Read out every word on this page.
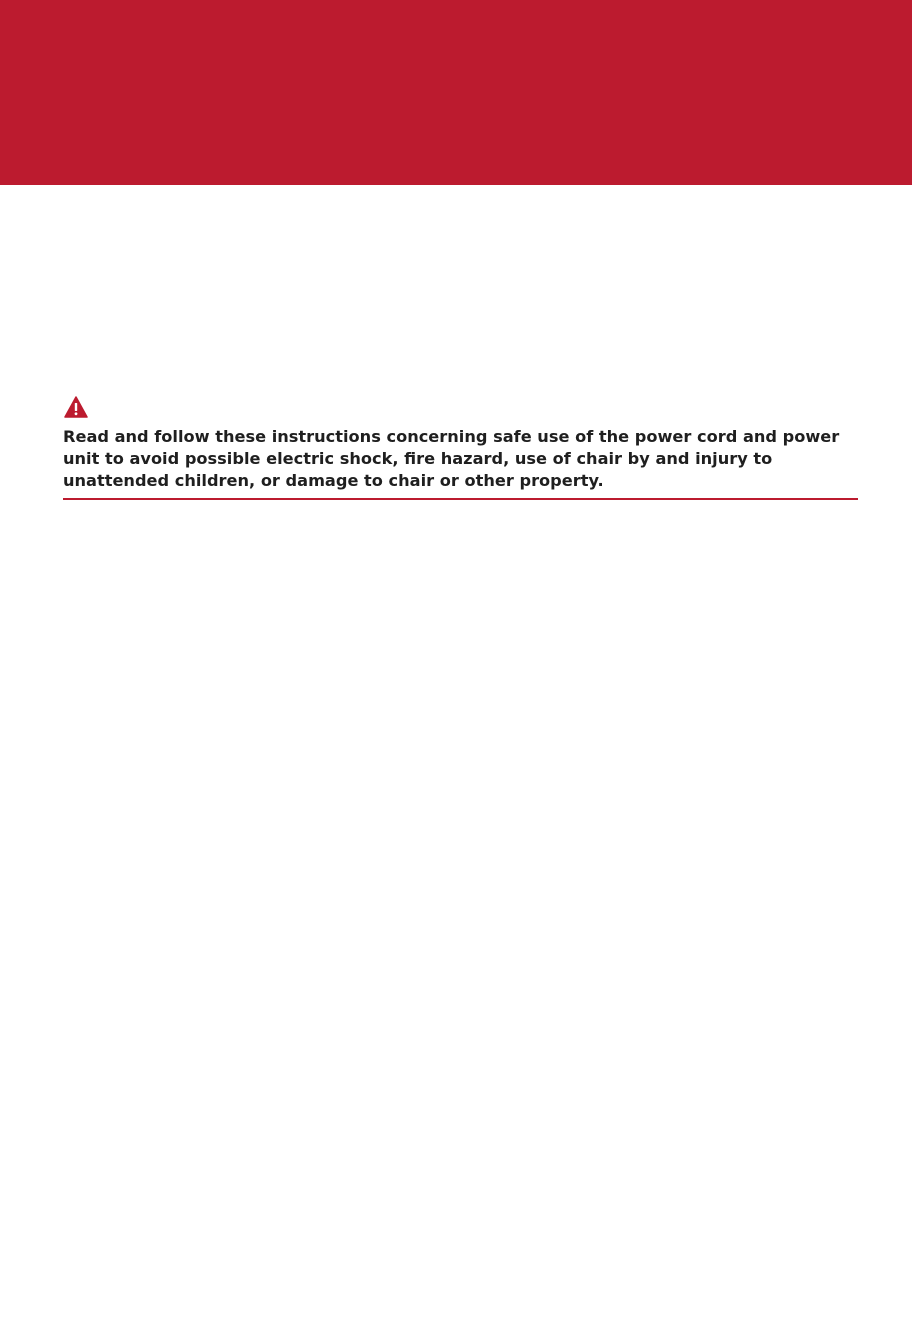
Read and follow these instructions concerning safe use of the power cord and power unit to avoid possible electric shock, fire hazard, use of chair by and injury to unattended children, or damage to chair or other property.
